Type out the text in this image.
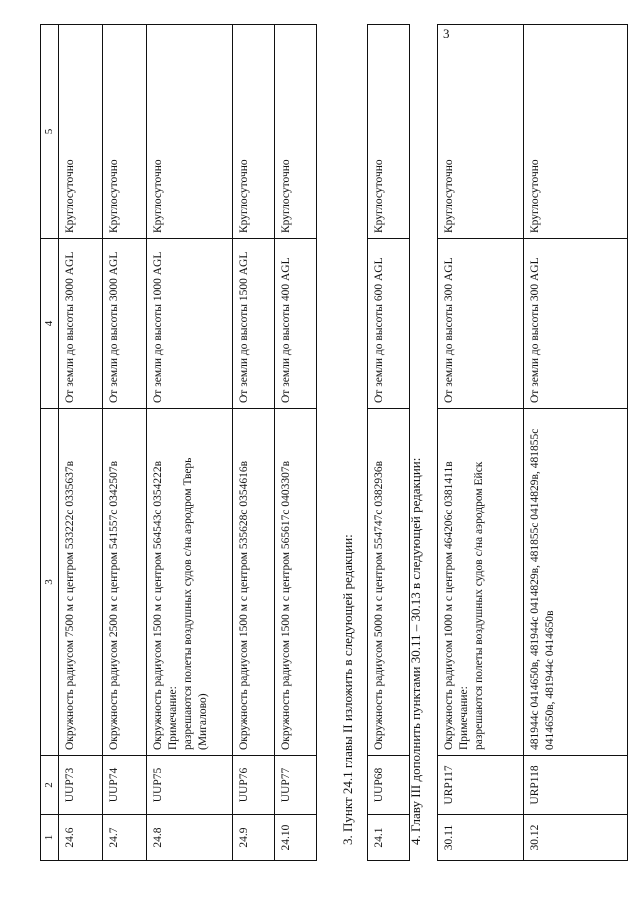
3
1	2	3	4	5
24.6	UUP73	Окружность радиусом 7500 м с центром 533222с 0335637в	От земли до высоты 3000 AGL	Круглосуточно
24.7	UUP74	Окружность радиусом 2500 м с центром 541557с 0342507в	От земли до высоты 3000 AGL	Круглосуточно
24.8	UUP75	Окружность радиусом 1500 м с центром 564543с 0354222в Примечание: разрешаются полеты воздушных судов с/на аэродром Тверь (Мигалово)	От земли до высоты 1000 AGL	Круглосуточно
24.9	UUP76	Окружность радиусом 1500 м с центром 535628с 0354616в	От земли до высоты 1500 AGL	Круглосуточно
24.10	UUP77	Окружность радиусом 1500 м с центром 565617с 0403307в	От земли до высоты 400 AGL	Круглосуточно
3. Пункт 24.1 главы II изложить в следующей редакции: 24.1	UUP68	Окружность радиусом 5000 м с центром 554747с 0382936в	От земли до высоты 600 AGL	Круглосуточно
4. Главу III дополнить пунктами 30.11 – 30.13 в следующей редакции: 30.11	URP117	Окружность радиусом 1000 м с центром 464206с 0381411в Примечание: разрешаются полеты воздушных судов с/на аэродром Ейск	От земли до высоты 300 AGL	Круглосуточно
30.12	URP118	481944с 0414650в, 481944с 0414829в, 481855с 0414829в, 481855с 0414650в, 481944с 0414650в	От земли до высоты 300 AGL	Круглосуточно
